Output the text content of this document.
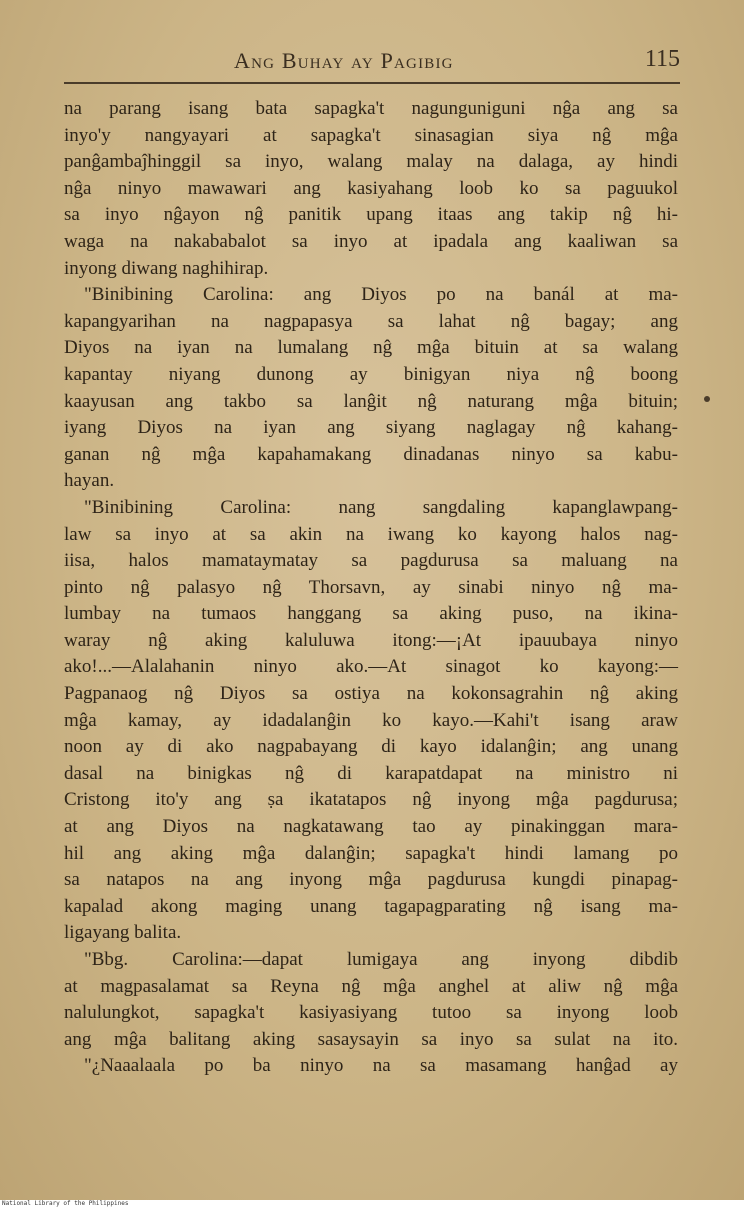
Ang Buhay ay Pagibig	115
na parang isang bata sapagka't nagunguniguni nĝa ang sa
inyo'y nangyayari at sapagka't sinasagian siya nĝ mĝa
panĝambaĵhinggil sa inyo, walang malay na dalaga, ay hindi
nĝa ninyo mawawari ang kasiyahang loob ko sa paguukol
sa inyo nĝayon nĝ panitik upang itaas ang takip nĝ hi-
waga na nakababalot sa inyo at ipadala ang kaaliwan sa
inyong diwang naghihirap.
"Binibining Carolina: ang Diyos po na banál at ma-
kapangyarihan na nagpapasya sa lahat nĝ bagay; ang
Diyos na iyan na lumalang nĝ mĝa bituin at sa walang
kapantay niyang dunong ay binigyan niya nĝ boong
kaayusan ang takbo sa lanĝit nĝ naturang mĝa bituin;
iyang Diyos na iyan ang siyang naglagay nĝ kahang-
ganan nĝ mĝa kapahamakang dinadanas ninyo sa kabu-
hayan.
"Binibining Carolina: nang sangdaling kapanglawpang-
law sa inyo at sa akin na iwang ko kayong halos nag-
iisa, halos mamataymatay sa pagdurusa sa maluang na
pinto nĝ palasyo nĝ Thorsavn, ay sinabi ninyo nĝ ma-
lumbay na tumaos hanggang sa aking puso, na ikina-
waray nĝ aking kaluluwa itong:—¡At ipauubaya ninyo
ako!...—Alalahanin ninyo ako.—At sinagot ko kayong:—
Pagpanaog nĝ Diyos sa ostiya na kokonsagrahin nĝ aking
mĝa kamay, ay idadalanĝin ko kayo.—Kahi't isang araw
noon ay di ako nagpabayang di kayo idalanĝin; ang unang
dasal na binigkas nĝ di karapatdapat na ministro ni
Cristong ito'y ang ṣa ikatatapos nĝ inyong mĝa pagdurusa;
at ang Diyos na nagkatawang tao ay pinakinggan mara-
hil ang aking mĝa dalanĝin; sapagka't hindi lamang po
sa natapos na ang inyong mĝa pagdurusa kungdi pinapag-
kapalad akong maging unang tagapagparating nĝ isang ma-
ligayang balita.
"Bbg. Carolina:—dapat lumigaya ang inyong dibdib
at magpasalamat sa Reyna nĝ mĝa anghel at aliw nĝ mĝa
nalulungkot, sapagka't kasiyasiyang tutoo sa inyong loob
ang mĝa balitang aking sasaysayin sa inyo sa sulat na ito.
"¿Naaalaala po ba ninyo na sa masamang hanĝad ay
National Library of the Philippines
